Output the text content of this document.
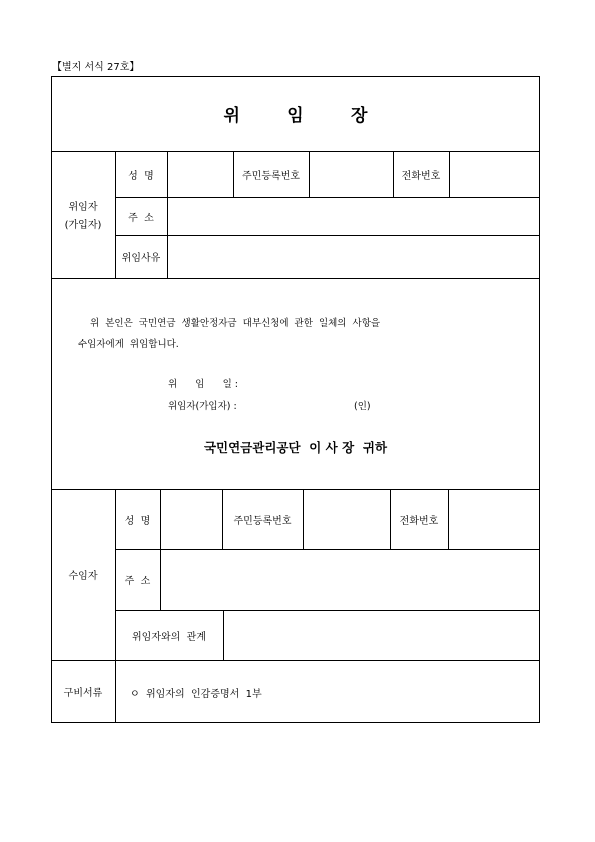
【별지 서식 27호】
위        임        장
위임자
(가입자)
성  명	주민등록번호	전화번호
주  소
위임사유
위  본인은  국민연금  생활안정자금  대부신청에  관한  일체의  사항을
수임자에게  위임합니다.
위      임      일 :
위임자(가입자) :	(인)
국민연금관리공단  이 사 장  귀하
수임자
성  명	주민등록번호	전화번호
주  소
위임자와의  관계
구비서류	ㅇ  위임자의  인감증명서  1부
